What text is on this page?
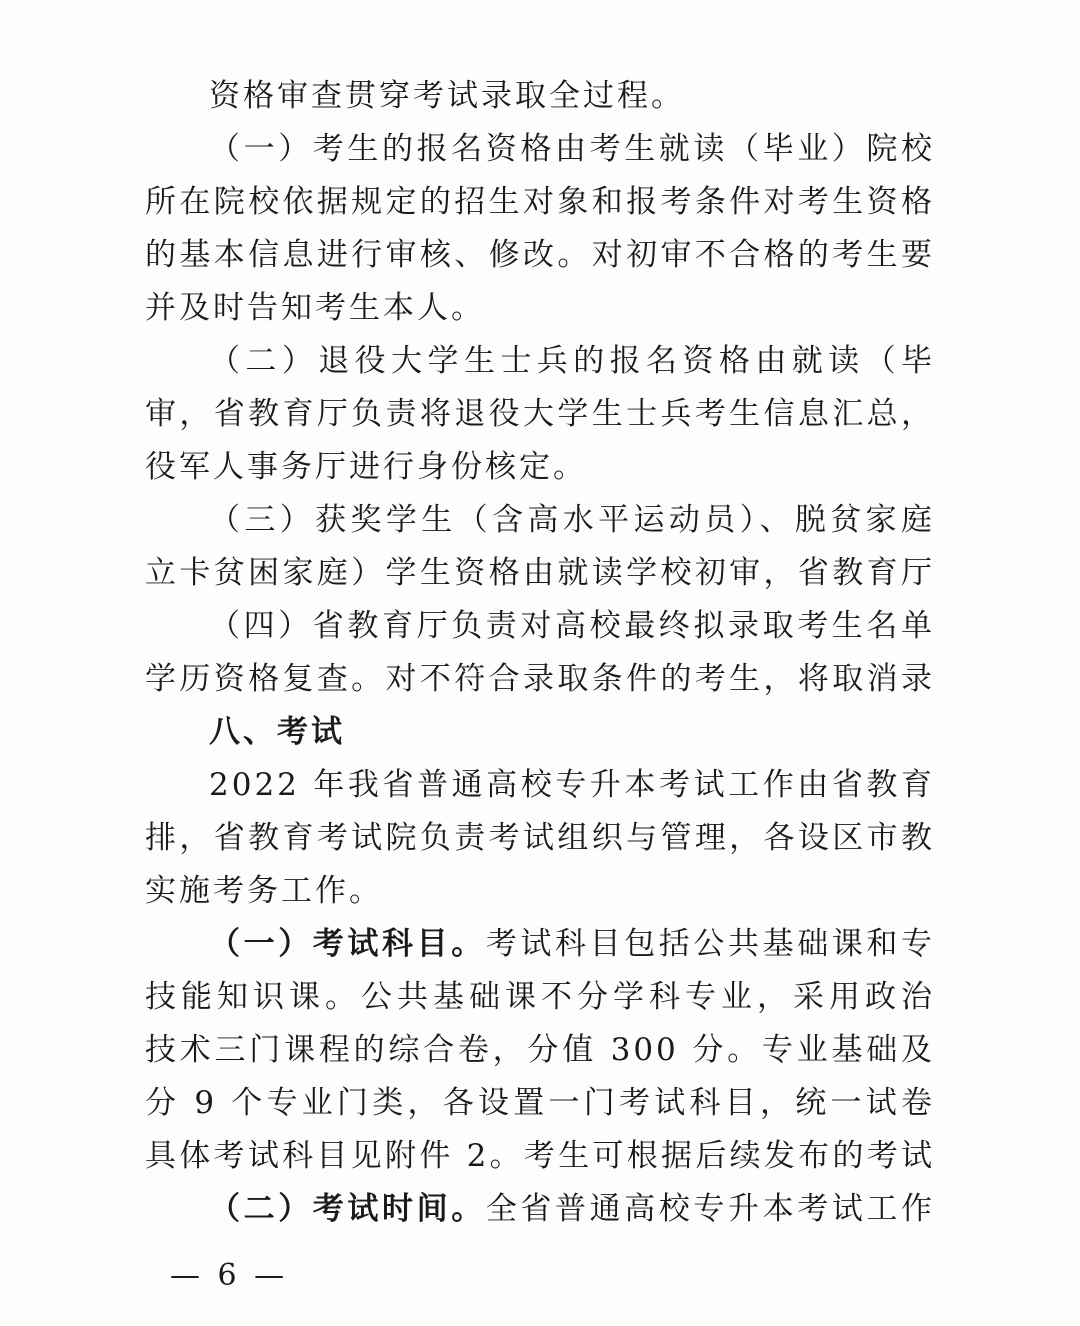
资格审查贯穿考试录取全过程。
（一）考生的报名资格由考生就读（毕业）院校
所在院校依据规定的招生对象和报考条件对考生资格
的基本信息进行审核、修改。对初审不合格的考生要
并及时告知考生本人。
（二）退役大学生士兵的报名资格由就读（毕
审，省教育厅负责将退役大学生士兵考生信息汇总，
役军人事务厅进行身份核定。
（三）获奖学生（含高水平运动员）、脱贫家庭
立卡贫困家庭）学生资格由就读学校初审，省教育厅
（四）省教育厅负责对高校最终拟录取考生名单
学历资格复查。对不符合录取条件的考生，将取消录
八、考试
2022 年我省普通高校专升本考试工作由省教育
排，省教育考试院负责考试组织与管理，各设区市教
实施考务工作。
（一）考试科目。考试科目包括公共基础课和专
技能知识课。公共基础课不分学科专业，采用政治
技术三门课程的综合卷，分值 300 分。专业基础及
分 9 个专业门类，各设置一门考试科目，统一试卷
具体考试科目见附件 2。考生可根据后续发布的考试
（二）考试时间。全省普通高校专升本考试工作
— 6 —
